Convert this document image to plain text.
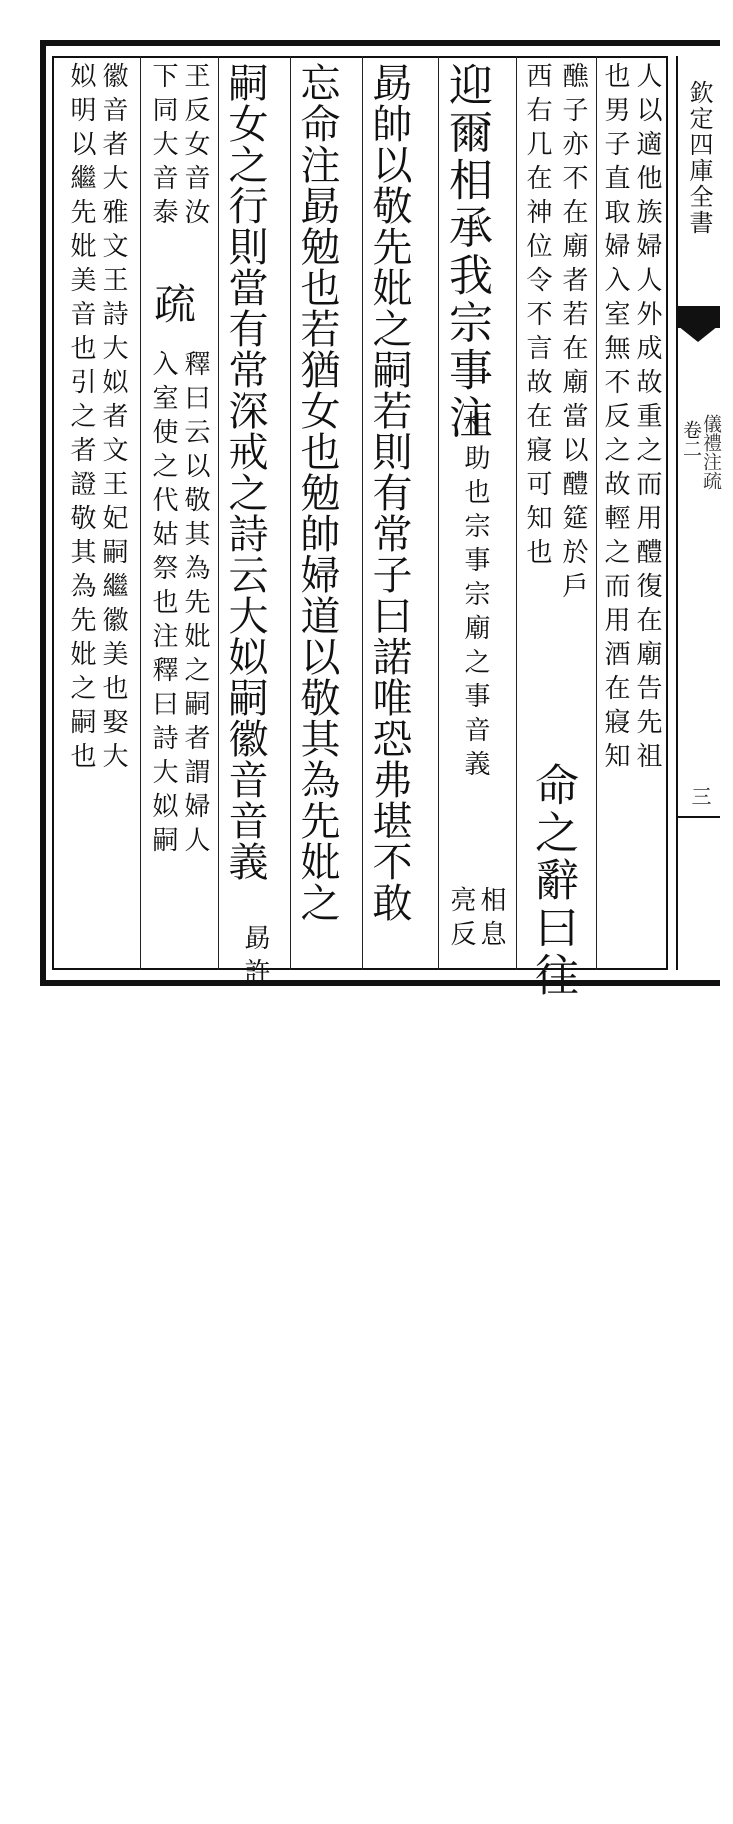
欽定四庫全書
卷二
儀禮注疏
三
人以適他族婦人外成故重之而用醴復在廟告先祖
也男子直取婦入室無不反之故輕之而用酒在寢知
醮子亦不在廟者若在廟當以醴筵於戶
西右几在神位令不言故在寢可知也
命之辭曰往
迎爾相承我宗事注
相助也宗事宗廟之事音義
相息
亮反
勗帥以敬先妣之嗣若則有常子曰諾唯恐弗堪不敢
忘命注勗勉也若猶女也勉帥婦道以敬其為先妣之
嗣女之行則當有常深戒之詩云大姒嗣徽音音義
勗許
玊反女音汝
下同大音泰
疏
釋曰云以敬其為先妣之嗣者謂婦人
入室使之代姑祭也注釋曰詩大姒嗣
徽音者大雅文王詩大姒者文王妃嗣繼徽美也娶大
姒明以繼先妣美音也引之者證敬其為先妣之嗣也
